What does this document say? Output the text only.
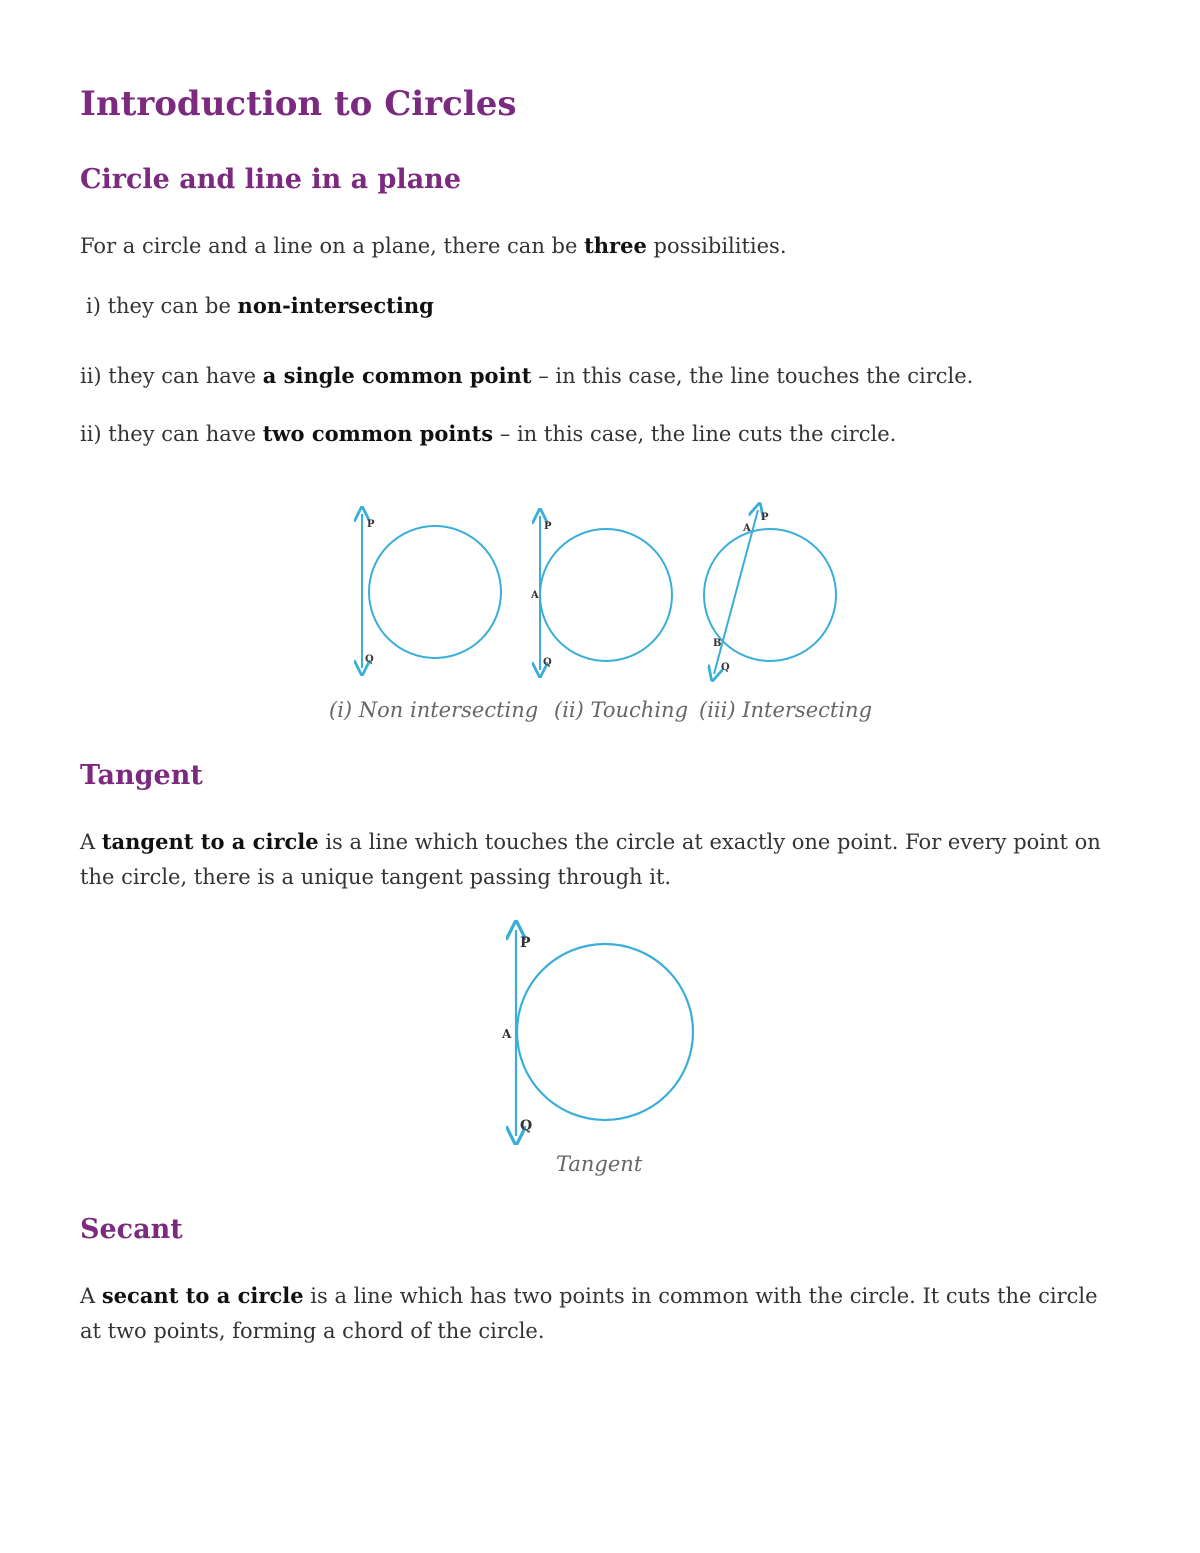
Introduction to Circles
Circle and line in a plane

For a circle and a line on a plane, there can be three possibilities.

i) they can be non-intersecting

ii) they can have a single common point – in this case, the line touches the circle.

ii) they can have two common points – in this case, the line cuts the circle.

P
Q
P
A
Q
P
A
B
Q

(i) Non intersecting (ii) Touching (iii) Intersecting

Tangent

A tangent to a circle is a line which touches the circle at exactly one point. For every point on the circle, there is a unique tangent passing through it.

P
A
Q

Tangent

Secant

A secant to a circle is a line which has two points in common with the circle. It cuts the circle at two points, forming a chord of the circle.
